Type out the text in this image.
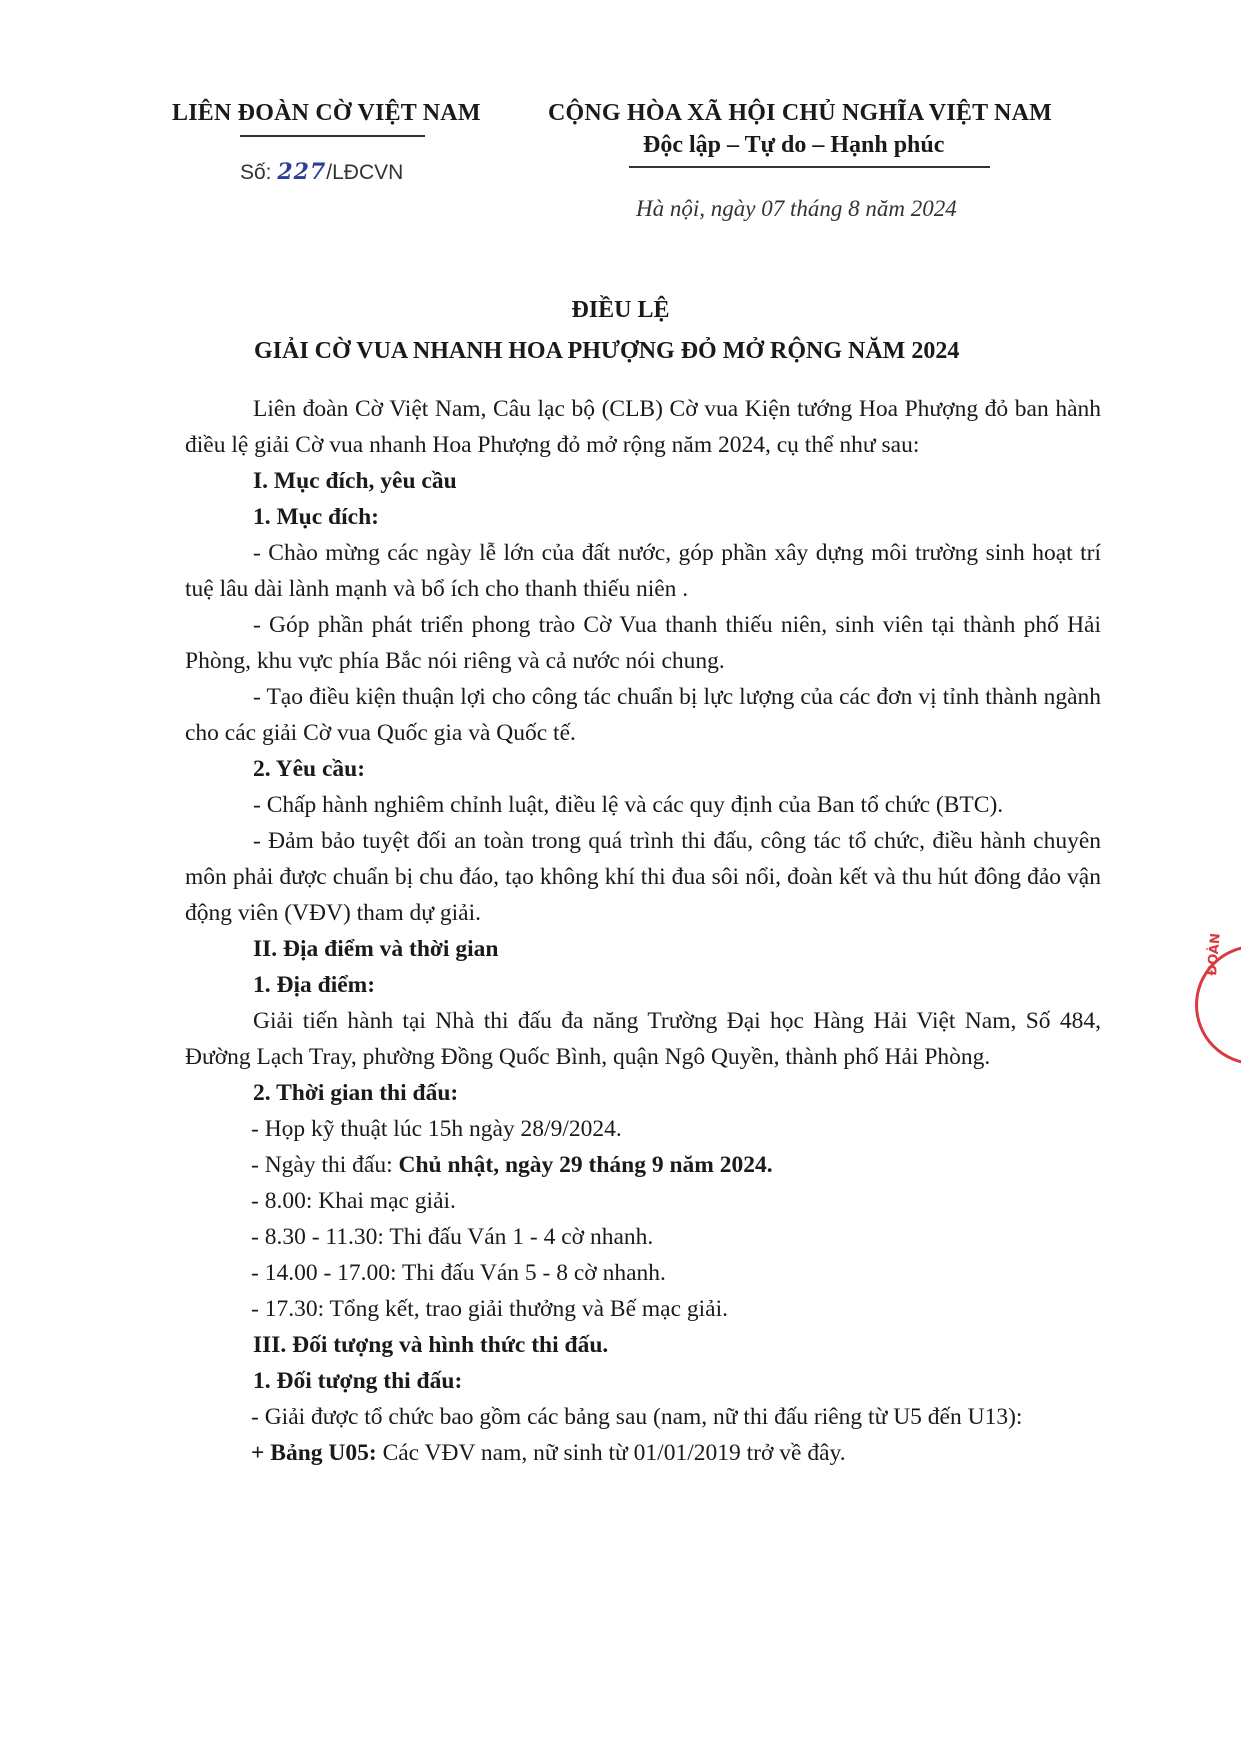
LIÊN ĐOÀN CỜ VIỆT NAM
Số: 227/LĐCVN
CỘNG HÒA XÃ HỘI CHỦ NGHĨA VIỆT NAM
Độc lập – Tự do – Hạnh phúc
Hà nội, ngày 07 tháng 8 năm 2024
ĐIỀU LỆ
GIẢI CỜ VUA NHANH HOA PHƯỢNG ĐỎ MỞ RỘNG NĂM 2024

Liên đoàn Cờ Việt Nam, Câu lạc bộ (CLB) Cờ vua Kiện tướng Hoa Phượng đỏ ban hành điều lệ giải Cờ vua nhanh Hoa Phượng đỏ mở rộng năm 2024, cụ thể như sau:

I. Mục đích, yêu cầu

1. Mục đích:

- Chào mừng các ngày lễ lớn của đất nước, góp phần xây dựng môi trường sinh hoạt trí tuệ lâu dài lành mạnh và bổ ích cho thanh thiếu niên .

- Góp phần phát triển phong trào Cờ Vua thanh thiếu niên, sinh viên tại thành phố Hải Phòng, khu vực phía Bắc nói riêng và cả nước nói chung.

- Tạo điều kiện thuận lợi cho công tác chuẩn bị lực lượng của các đơn vị tỉnh thành ngành cho các giải Cờ vua Quốc gia và Quốc tế.

2. Yêu cầu:

- Chấp hành nghiêm chỉnh luật, điều lệ và các quy định của Ban tổ chức (BTC).

- Đảm bảo tuyệt đối an toàn trong quá trình thi đấu, công tác tổ chức, điều hành chuyên môn phải được chuẩn bị chu đáo, tạo không khí thi đua sôi nổi, đoàn kết và thu hút đông đảo vận động viên (VĐV) tham dự giải.

II. Địa điểm và thời gian

1. Địa điểm:

Giải tiến hành tại Nhà thi đấu đa năng Trường Đại học Hàng Hải Việt Nam, Số 484, Đường Lạch Tray, phường Đồng Quốc Bình, quận Ngô Quyền, thành phố Hải Phòng.

2. Thời gian thi đấu:

- Họp kỹ thuật lúc 15h ngày 28/9/2024.

- Ngày thi đấu: Chủ nhật, ngày 29 tháng 9 năm 2024.

- 8.00: Khai mạc giải.

- 8.30 - 11.30: Thi đấu Ván 1 - 4 cờ nhanh.

- 14.00 - 17.00: Thi đấu Ván 5 - 8 cờ nhanh.

- 17.30: Tổng kết, trao giải thưởng và Bế mạc giải.

III. Đối tượng và hình thức thi đấu.

1. Đối tượng thi đấu:

- Giải được tổ chức bao gồm các bảng sau (nam, nữ thi đấu riêng từ U5 đến U13):

+ Bảng U05: Các VĐV nam, nữ sinh từ 01/01/2019 trở về đây.

ĐOÀN
